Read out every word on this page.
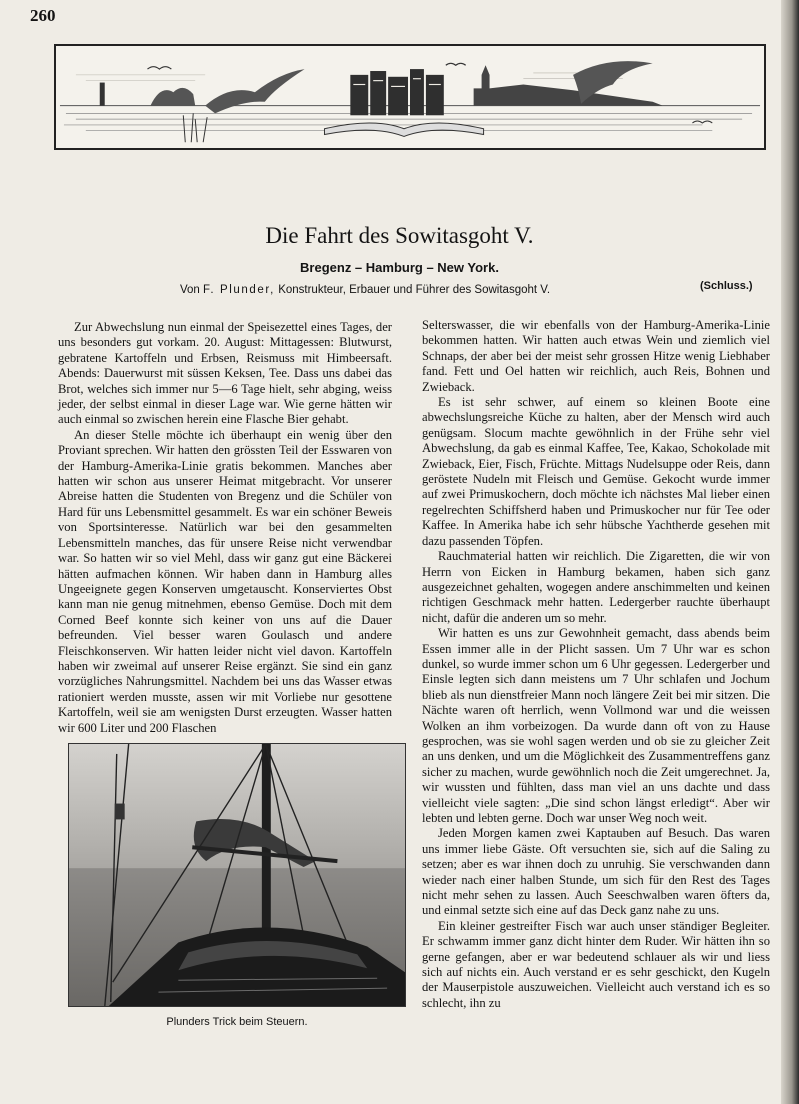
260
Die Fahrt des Sowitasgoht V.
Bregenz – Hamburg – New York.
Von F. Plunder, Konstrukteur, Erbauer und Führer des Sowitasgoht V.	(Schluss.)

Zur Abwechslung nun einmal der Speisezettel eines Tages, der uns besonders gut vorkam. 20. August: Mittagessen: Blutwurst, gebratene Kartoffeln und Erbsen, Reismuss mit Himbeersaft. Abends: Dauerwurst mit süssen Keksen, Tee. Dass uns dabei das Brot, welches sich immer nur 5—6 Tage hielt, sehr abging, weiss jeder, der selbst einmal in dieser Lage war. Wie gerne hätten wir auch einmal so zwischen herein eine Flasche Bier gehabt.

An dieser Stelle möchte ich überhaupt ein wenig über den Proviant sprechen. Wir hatten den grössten Teil der Esswaren von der Hamburg-Amerika-Linie gratis bekommen. Manches aber hatten wir schon aus unserer Heimat mitgebracht. Vor unserer Abreise hatten die Studenten von Bregenz und die Schüler von Hard für uns Lebensmittel gesammelt. Es war ein schöner Beweis von Sportsinteresse. Natürlich war bei den gesammelten Lebensmitteln manches, das für unsere Reise nicht verwendbar war. So hatten wir so viel Mehl, dass wir ganz gut eine Bäckerei hätten aufmachen können. Wir haben dann in Hamburg alles Ungeeignete gegen Konserven umgetauscht. Konserviertes Obst kann man nie genug mitnehmen, ebenso Gemüse. Doch mit dem Corned Beef konnte sich keiner von uns auf die Dauer befreunden. Viel besser waren Goulasch und andere Fleischkonserven. Wir hatten leider nicht viel davon. Kartoffeln haben wir zweimal auf unserer Reise ergänzt. Sie sind ein ganz vorzügliches Nahrungsmittel. Nachdem bei uns das Wasser etwas rationiert werden musste, assen wir mit Vorliebe nur gesottene Kartoffeln, weil sie am wenigsten Durst erzeugten. Wasser hatten wir 600 Liter und 200 Flaschen

Plunders Trick beim Steuern.

Selterswasser, die wir ebenfalls von der Hamburg-Amerika-Linie bekommen hatten. Wir hatten auch etwas Wein und ziemlich viel Schnaps, der aber bei der meist sehr grossen Hitze wenig Liebhaber fand. Fett und Oel hatten wir reichlich, auch Reis, Bohnen und Zwieback.

Es ist sehr schwer, auf einem so kleinen Boote eine abwechslungsreiche Küche zu halten, aber der Mensch wird auch genügsam. Slocum machte gewöhnlich in der Frühe sehr viel Abwechslung, da gab es einmal Kaffee, Tee, Kakao, Schokolade mit Zwieback, Eier, Fisch, Früchte. Mittags Nudelsuppe oder Reis, dann geröstete Nudeln mit Fleisch und Gemüse. Gekocht wurde immer auf zwei Primuskochern, doch möchte ich nächstes Mal lieber einen regelrechten Schiffsherd haben und Primuskocher nur für Tee oder Kaffee. In Amerika habe ich sehr hübsche Yachtherde gesehen mit dazu passenden Töpfen.

Rauchmaterial hatten wir reichlich. Die Zigaretten, die wir von Herrn von Eicken in Hamburg bekamen, haben sich ganz ausgezeichnet gehalten, wogegen andere anschimmelten und keinen richtigen Geschmack mehr hatten. Ledergerber rauchte überhaupt nicht, dafür die anderen um so mehr.

Wir hatten es uns zur Gewohnheit gemacht, dass abends beim Essen immer alle in der Plicht sassen. Um 7 Uhr war es schon dunkel, so wurde immer schon um 6 Uhr gegessen. Ledergerber und Einsle legten sich dann meistens um 7 Uhr schlafen und Jochum blieb als nun dienstfreier Mann noch längere Zeit bei mir sitzen. Die Nächte waren oft herrlich, wenn Vollmond war und die weissen Wolken an ihm vorbeizogen. Da wurde dann oft von zu Hause gesprochen, was sie wohl sagen werden und ob sie zu gleicher Zeit an uns denken, und um die Möglichkeit des Zusammentreffens ganz sicher zu machen, wurde gewöhnlich noch die Zeit umgerechnet. Ja, wir wussten und fühlten, dass man viel an uns dachte und dass vielleicht viele sagten: „Die sind schon längst erledigt“. Aber wir lebten und lebten gerne. Doch war unser Weg noch weit.

Jeden Morgen kamen zwei Kaptauben auf Besuch. Das waren uns immer liebe Gäste. Oft versuchten sie, sich auf die Saling zu setzen; aber es war ihnen doch zu unruhig. Sie verschwanden dann wieder nach einer halben Stunde, um sich für den Rest des Tages nicht mehr sehen zu lassen. Auch Seeschwalben waren öfters da, und einmal setzte sich eine auf das Deck ganz nahe zu uns.

Ein kleiner gestreifter Fisch war auch unser ständiger Begleiter. Er schwamm immer ganz dicht hinter dem Ruder. Wir hätten ihn so gerne gefangen, aber er war bedeutend schlauer als wir und liess sich auf nichts ein. Auch verstand er es sehr geschickt, den Kugeln der Mauserpistole auszuweichen. Vielleicht auch verstand ich es so schlecht, ihn zu
